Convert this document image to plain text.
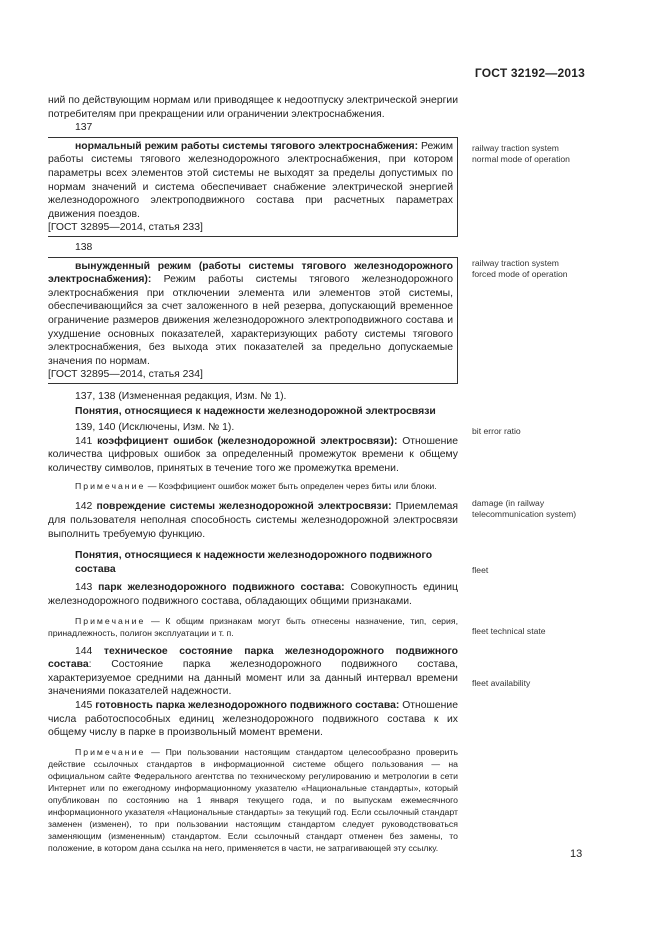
ГОСТ 32192—2013

ний по действующим нормам или приводящее к недоотпуску электрической энергии потребителям при прекращении или ограничении электроснабжения.

137

нормальный режим работы системы тягового электроснабжения: Режим работы системы тягового железнодорожного электроснабжения, при котором параметры всех элементов этой системы не выходят за пределы допустимых по нормам значений и система обеспечивает снабжение электрической энергией железнодорожного электроподвижного состава при расчетных параметрах движения поездов.

[ГОСТ 32895—2014, статья 233]

138

вынужденный режим (работы системы тягового железнодорожного электроснабжения): Режим работы системы тягового железнодорожного электроснабжения при отключении элемента или элементов этой системы, обеспечивающийся за счет заложенного в ней резерва, допускающий временное ограничение размеров движения железнодорожного электроподвижного состава и ухудшение основных показателей, характеризующих работу системы тягового электроснабжения, без выхода этих показателей за предельно допускаемые значения по нормам.

[ГОСТ 32895—2014, статья 234]

137, 138 (Измененная редакция, Изм. № 1).

Понятия, относящиеся к надежности железнодорожной электросвязи

139, 140 (Исключены, Изм. № 1).

141 коэффициент ошибок (железнодорожной электросвязи): Отношение количества цифровых ошибок за определенный промежуток времени к общему количеству символов, принятых в течение того же промежутка времени.

Примечание — Коэффициент ошибок может быть определен через биты или блоки.

142 повреждение системы железнодорожной электросвязи: Приемлемая для пользователя неполная способность системы железнодорожной электросвязи выполнить требуемую функцию.

Понятия, относящиеся к надежности железнодорожного подвижного состава

143 парк железнодорожного подвижного состава: Совокупность единиц железнодорожного подвижного состава, обладающих общими признаками.

Примечание — К общим признакам могут быть отнесены назначение, тип, серия, принадлежность, полигон эксплуатации и т. п.

144 техническое состояние парка железнодорожного подвижного состава: Состояние парка железнодорожного подвижного состава, характеризуемое средними на данный момент или за данный интервал времени значениями показателей надежности.

145 готовность парка железнодорожного подвижного состава: Отношение числа работоспособных единиц железнодорожного подвижного состава к их общему числу в парке в произвольный момент времени.

Примечание — При пользовании настоящим стандартом целесообразно проверить действие ссылочных стандартов в информационной системе общего пользования — на официальном сайте Федерального агентства по техническому регулированию и метрологии в сети Интернет или по ежегодному информационному указателю «Национальные стандарты», который опубликован по состоянию на 1 января текущего года, и по выпускам ежемесячного информационного указателя «Национальные стандарты» за текущий год. Если ссылочный стандарт заменен (изменен), то при пользовании настоящим стандартом следует руководствоваться заменяющим (измененным) стандартом. Если ссылочный стандарт отменен без замены, то положение, в котором дана ссылка на него, применяется в части, не затрагивающей эту ссылку.

railway traction system normal mode of operation
railway traction system forced mode of operation
bit error ratio
damage (in railway telecommunication system)
fleet
fleet technical state
fleet availability
13
